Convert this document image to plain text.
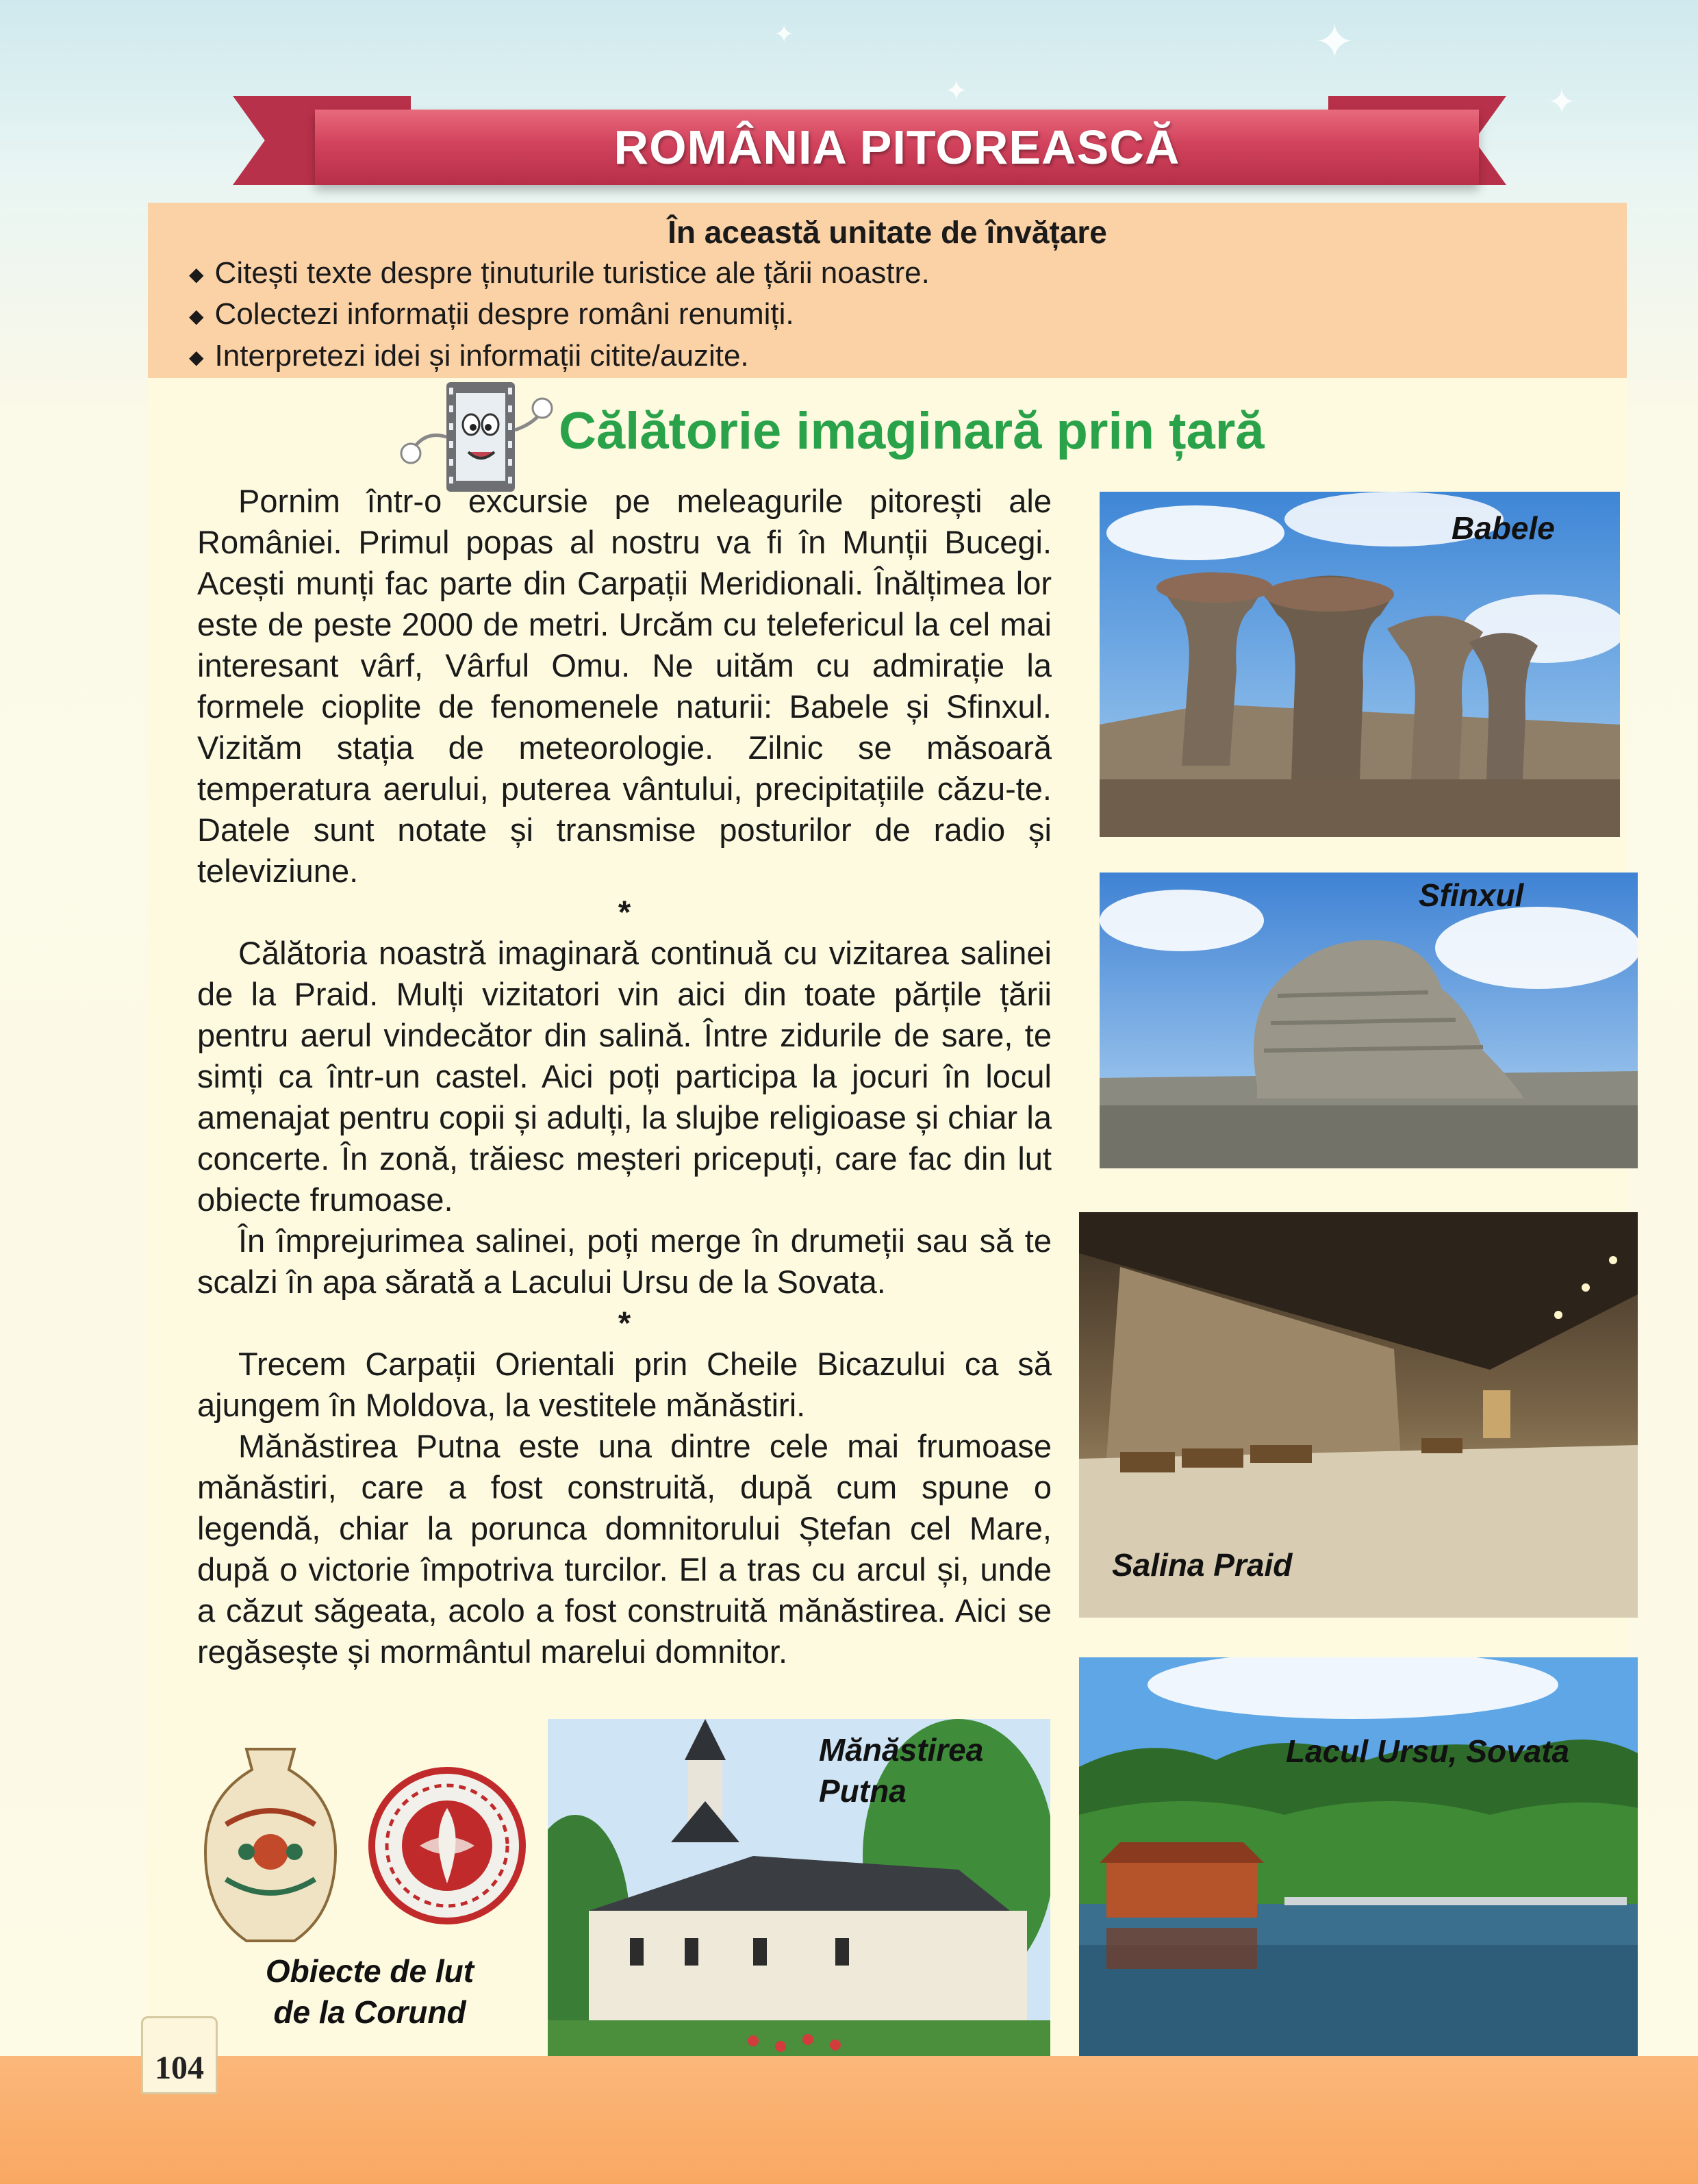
✦
✦	✦
✦
ROMÂNIA PITOREASCĂ
În această unitate de învățare
◆ Citești texte despre ținuturile turistice ale țării noastre.
◆ Colectezi informații despre români renumiți.
◆ Interpretezi idei și informații citite/auzite.
Călătorie imaginară prin țară

Pornim într-o excursie pe meleagurile pitorești ale României. Primul popas al nostru va fi în Munții Bucegi. Acești munți fac parte din Carpații Meridionali. Înălțimea lor este de peste 2000 de metri. Urcăm cu telefericul la cel mai interesant vârf, Vârful Omu. Ne uităm cu admirație la formele cioplite de fenomenele naturii: Babele și Sfinxul. Vizităm stația de meteorologie. Zilnic se măsoară temperatura aerului, puterea vântului, precipitațiile căzu-te. Datele sunt notate și transmise posturilor de radio și televiziune.

*

Călătoria noastră imaginară continuă cu vizitarea salinei de la Praid. Mulți vizitatori vin aici din toate părțile țării pentru aerul vindecător din salină. Între zidurile de sare, te simți ca într-un castel. Aici poți participa la jocuri în locul amenajat pentru copii și adulți, la slujbe religioase și chiar la concerte. În zonă, trăiesc meșteri pricepuți, care fac din lut obiecte frumoase.

În împrejurimea salinei, poți merge în drumeții sau să te scalzi în apa sărată a Lacului Ursu de la Sovata.

*

Trecem Carpații Orientali prin Cheile Bicazului ca să ajungem în Moldova, la vestitele mănăstiri.

Mănăstirea Putna este una dintre cele mai frumoase mănăstiri, care a fost construită, după cum spune o legendă, chiar la porunca domnitorului Ștefan cel Mare, după o victorie împotriva turcilor. El a tras cu arcul și, unde a căzut săgeata, acolo a fost construită mănăstirea. Aici se regăsește și mormântul marelui domnitor.

Babele
Sfinxul
Salina Praid
Lacul Ursu, Sovata
Mănăstirea
Putna
Obiecte de lut
de la Corund
104
